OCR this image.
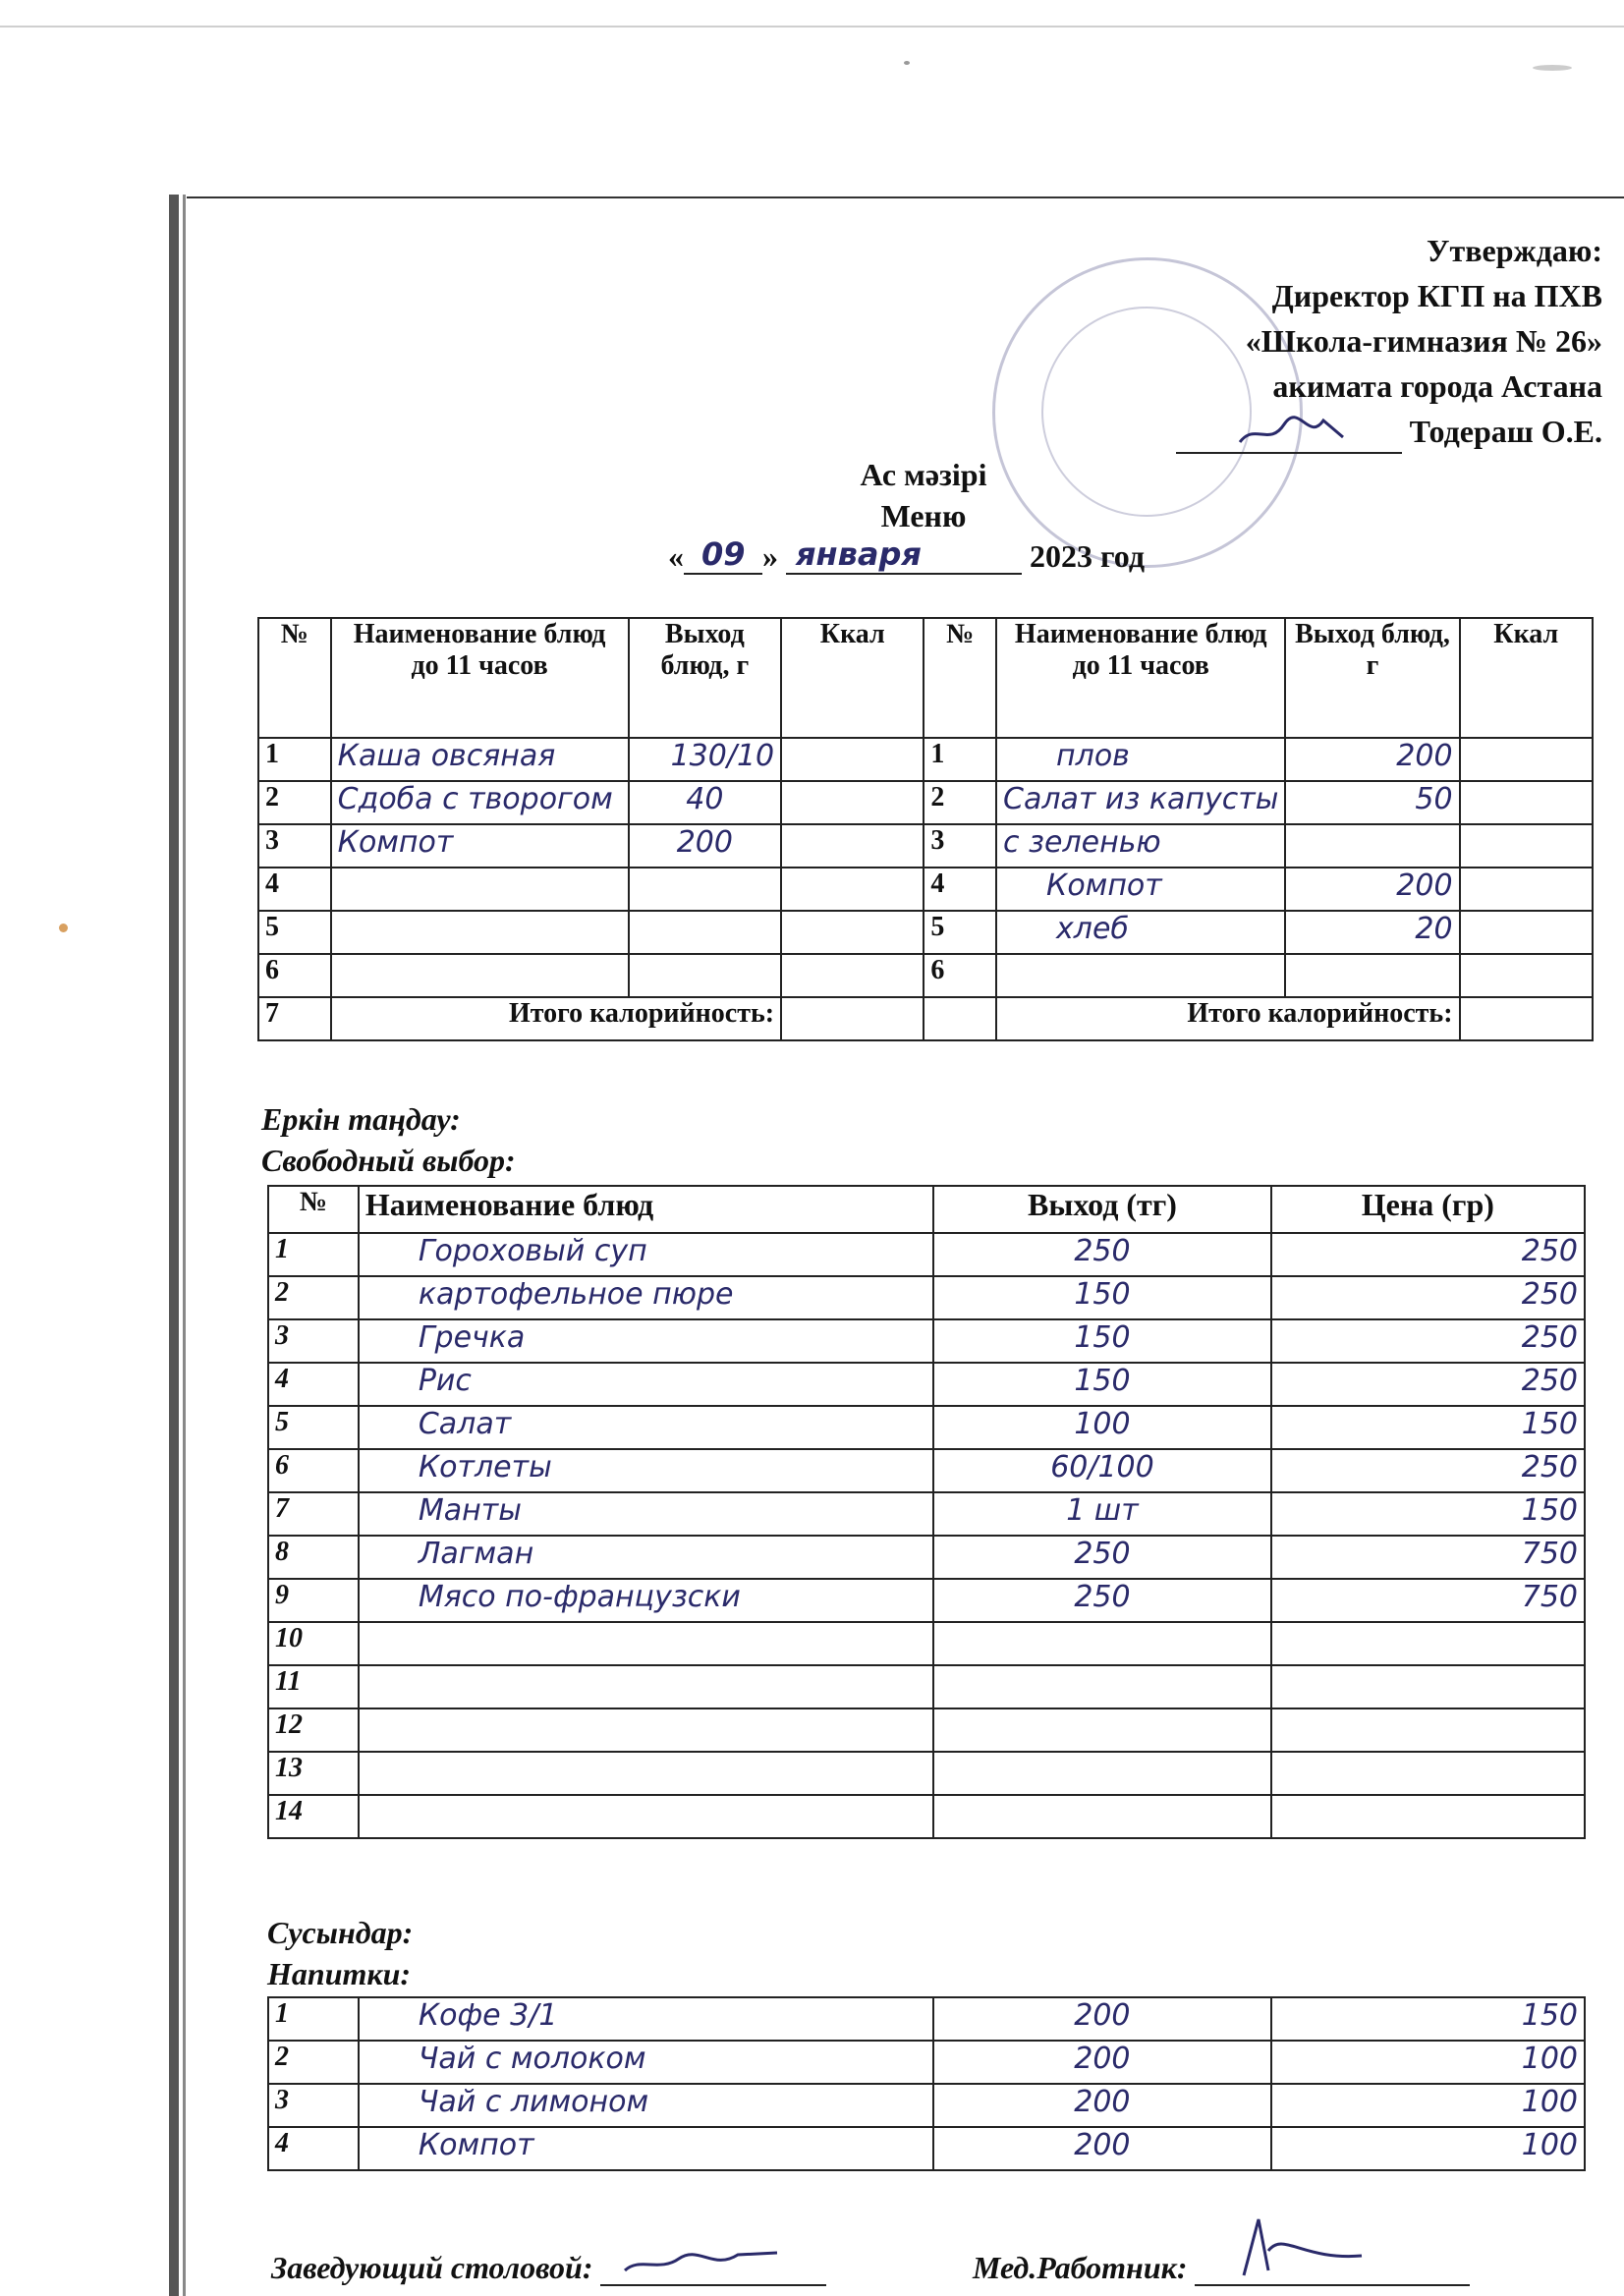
Утверждаю:
Директор КГП на ПХВ
«Школа-гимназия № 26»
акимата города Астана
Тодераш О.Е.
Ас мәзірі
Меню
« 09 » января	2023 год
№	Наименование блюд до 11 часов	Выход блюд, г	Ккал	№	Наименование блюд до 11 часов	Выход блюд, г	Ккал
1	Каша овсяная	130/10		1	плов	200	
2	Сдоба с творогом	40		2	Салат из капусты	50	
3	Компот	200		3	с зеленью		
4				4	Компот	200	
5				5	хлеб	20	
6				6			
7	Итого калорийность:				Итого калорийность:		
Еркін таңдау:
Свободный выбор:
№	Наименование блюд	Выход (тг)	Цена (гр)
1	Гороховый суп	250	250
2	картофельное пюре	150	250
3	Гречка	150	250
4	Рис	150	250
5	Салат	100	150
6	Котлеты	60/100	250
7	Манты	1 шт	150
8	Лагман	250	750
9	Мясо по-французски	250	750
10			
11			
12			
13			
14			
Сусындар:
Напитки:
1	Кофе 3/1	200	150
2	Чай с молоком	200	100
3	Чай с лимоном	200	100
4	Компот	200	100
Заведующий столовой:	Мед.Работник:
